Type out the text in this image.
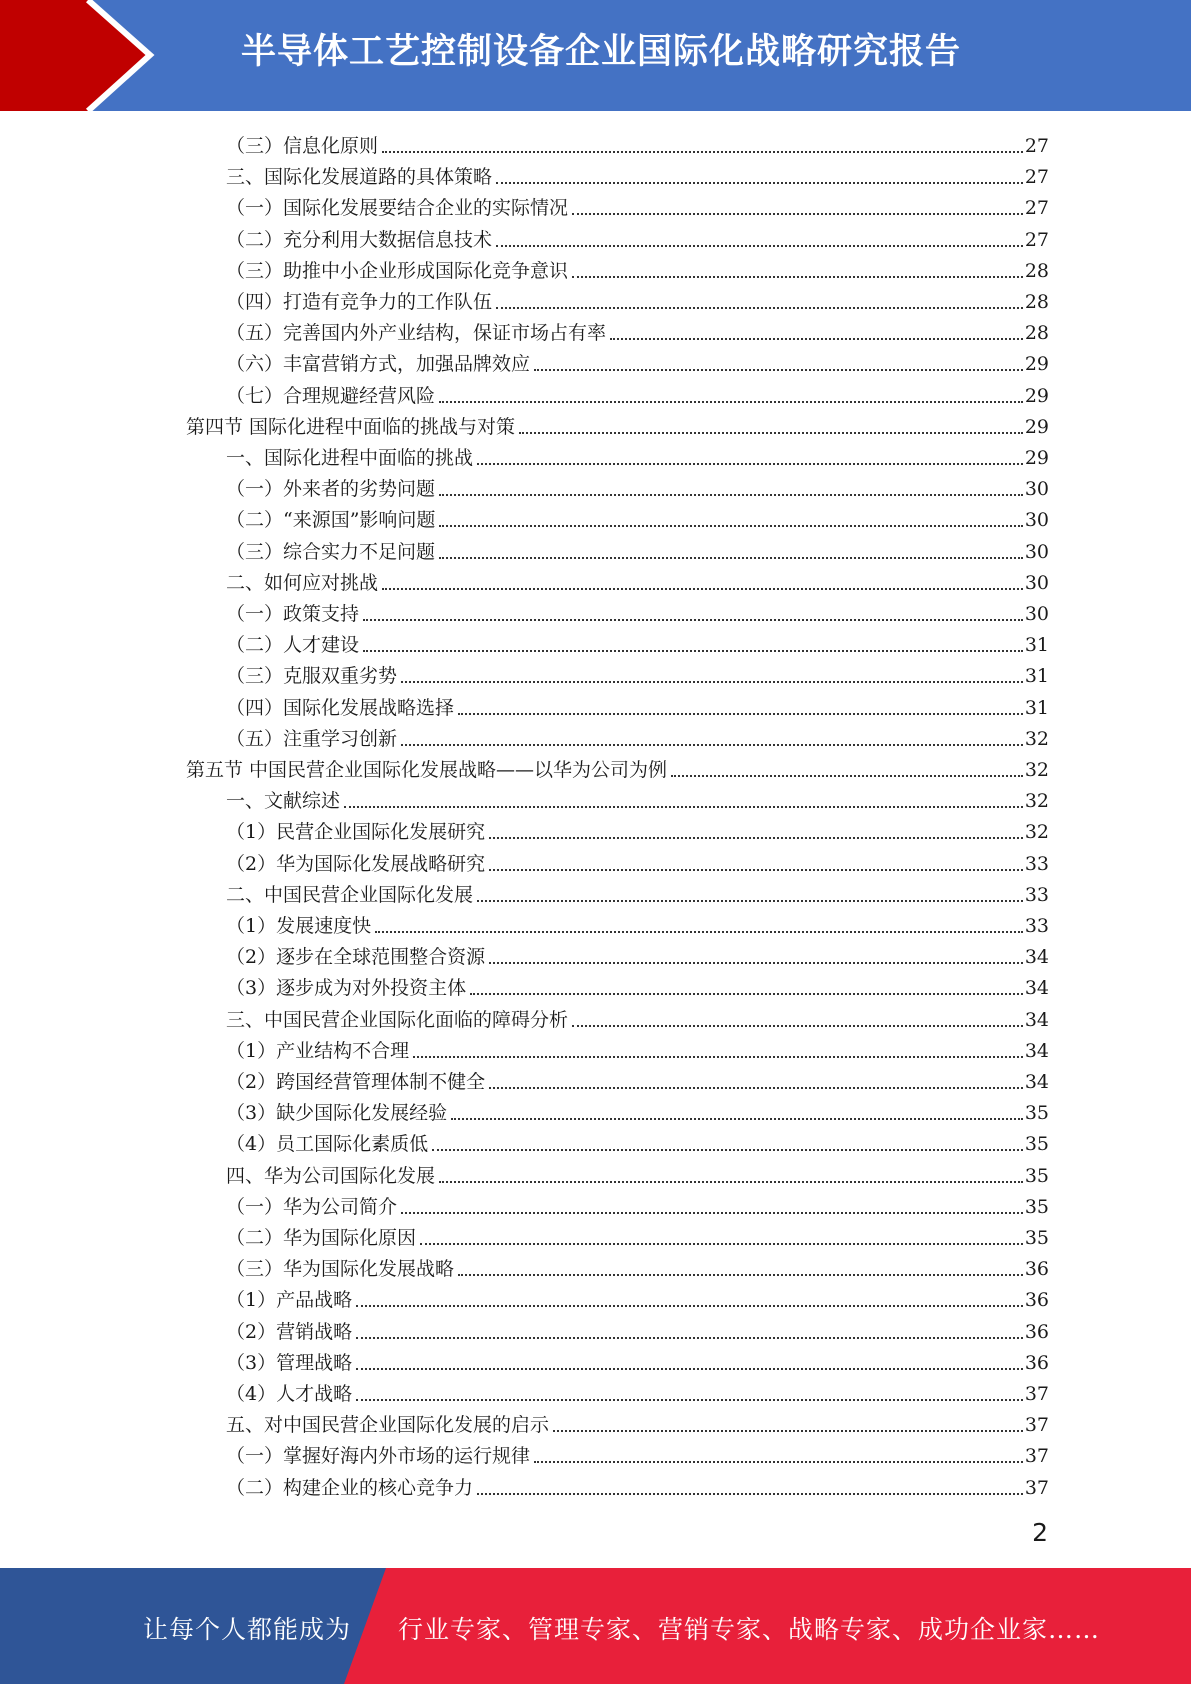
半导体工艺控制设备企业国际化战略研究报告
（三）信息化原则	27
三、国际化发展道路的具体策略	27
（一）国际化发展要结合企业的实际情况	27
（二）充分利用大数据信息技术	27
（三）助推中小企业形成国际化竞争意识	28
（四）打造有竞争力的工作队伍	28
（五）完善国内外产业结构，保证市场占有率	28
（六）丰富营销方式，加强品牌效应	29
（七）合理规避经营风险	29
第四节 国际化进程中面临的挑战与对策	29
一、国际化进程中面临的挑战	29
（一）外来者的劣势问题	30
（二）“来源国”影响问题	30
（三）综合实力不足问题	30
二、如何应对挑战	30
（一）政策支持	30
（二）人才建设	31
（三）克服双重劣势	31
（四）国际化发展战略选择	31
（五）注重学习创新	32
第五节 中国民营企业国际化发展战略——以华为公司为例	32
一、文献综述	32
（1）民营企业国际化发展研究	32
（2）华为国际化发展战略研究	33
二、中国民营企业国际化发展	33
（1）发展速度快	33
（2）逐步在全球范围整合资源	34
（3）逐步成为对外投资主体	34
三、中国民营企业国际化面临的障碍分析	34
（1）产业结构不合理	34
（2）跨国经营管理体制不健全	34
（3）缺少国际化发展经验	35
（4）员工国际化素质低	35
四、华为公司国际化发展	35
（一）华为公司简介	35
（二）华为国际化原因	35
（三）华为国际化发展战略	36
（1）产品战略	36
（2）营销战略	36
（3）管理战略	36
（4）人才战略	37
五、对中国民营企业国际化发展的启示	37
（一）掌握好海内外市场的运行规律	37
（二）构建企业的核心竞争力	37
2
让每个人都能成为 行业专家、管理专家、营销专家、战略专家、成功企业家……
